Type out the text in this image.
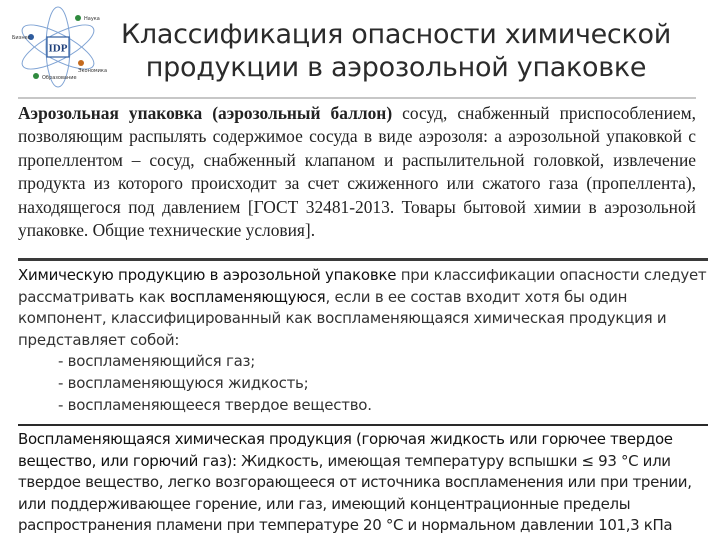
IDP
Наука
Бизнес
Экономика
Образование
Классификация опасности химической
продукции в аэрозольной упаковке

Аэрозольная упаковка (аэрозольный баллон) сосуд, снабженный приспособлением, позволяющим распылять содержимое сосуда в виде аэрозоля: а аэрозольной упаковкой с пропеллентом – сосуд, снабженный клапаном и распылительной головкой, извлечение продукта из которого происходит за счет сжиженного или сжатого газа (пропеллента), находящегося под давлением [ГОСТ 32481-2013. Товары бытовой химии в аэрозольной упаковке. Общие технические условия].

Химическую продукцию в аэрозольной упаковке при классификации опасности следует рассматривать как воспламеняющуюся, если в ее состав входит хотя бы один компонент, классифицированный как воспламеняющаяся химическая продукция и представляет собой:

- воспламеняющийся газ;
- воспламеняющуюся жидкость;
- воспламеняющееся твердое вещество.

Воспламеняющаяся химическая продукция (горючая жидкость или горючее твердое вещество, или горючий газ): Жидкость, имеющая температуру вспышки ≤ 93 °С или твердое вещество, легко возгорающееся от источника воспламенения или при трении, или поддерживающее горение, или газ, имеющий концентрационные пределы распространения пламени при температуре 20 °С и нормальном давлении 101,3 кПа
